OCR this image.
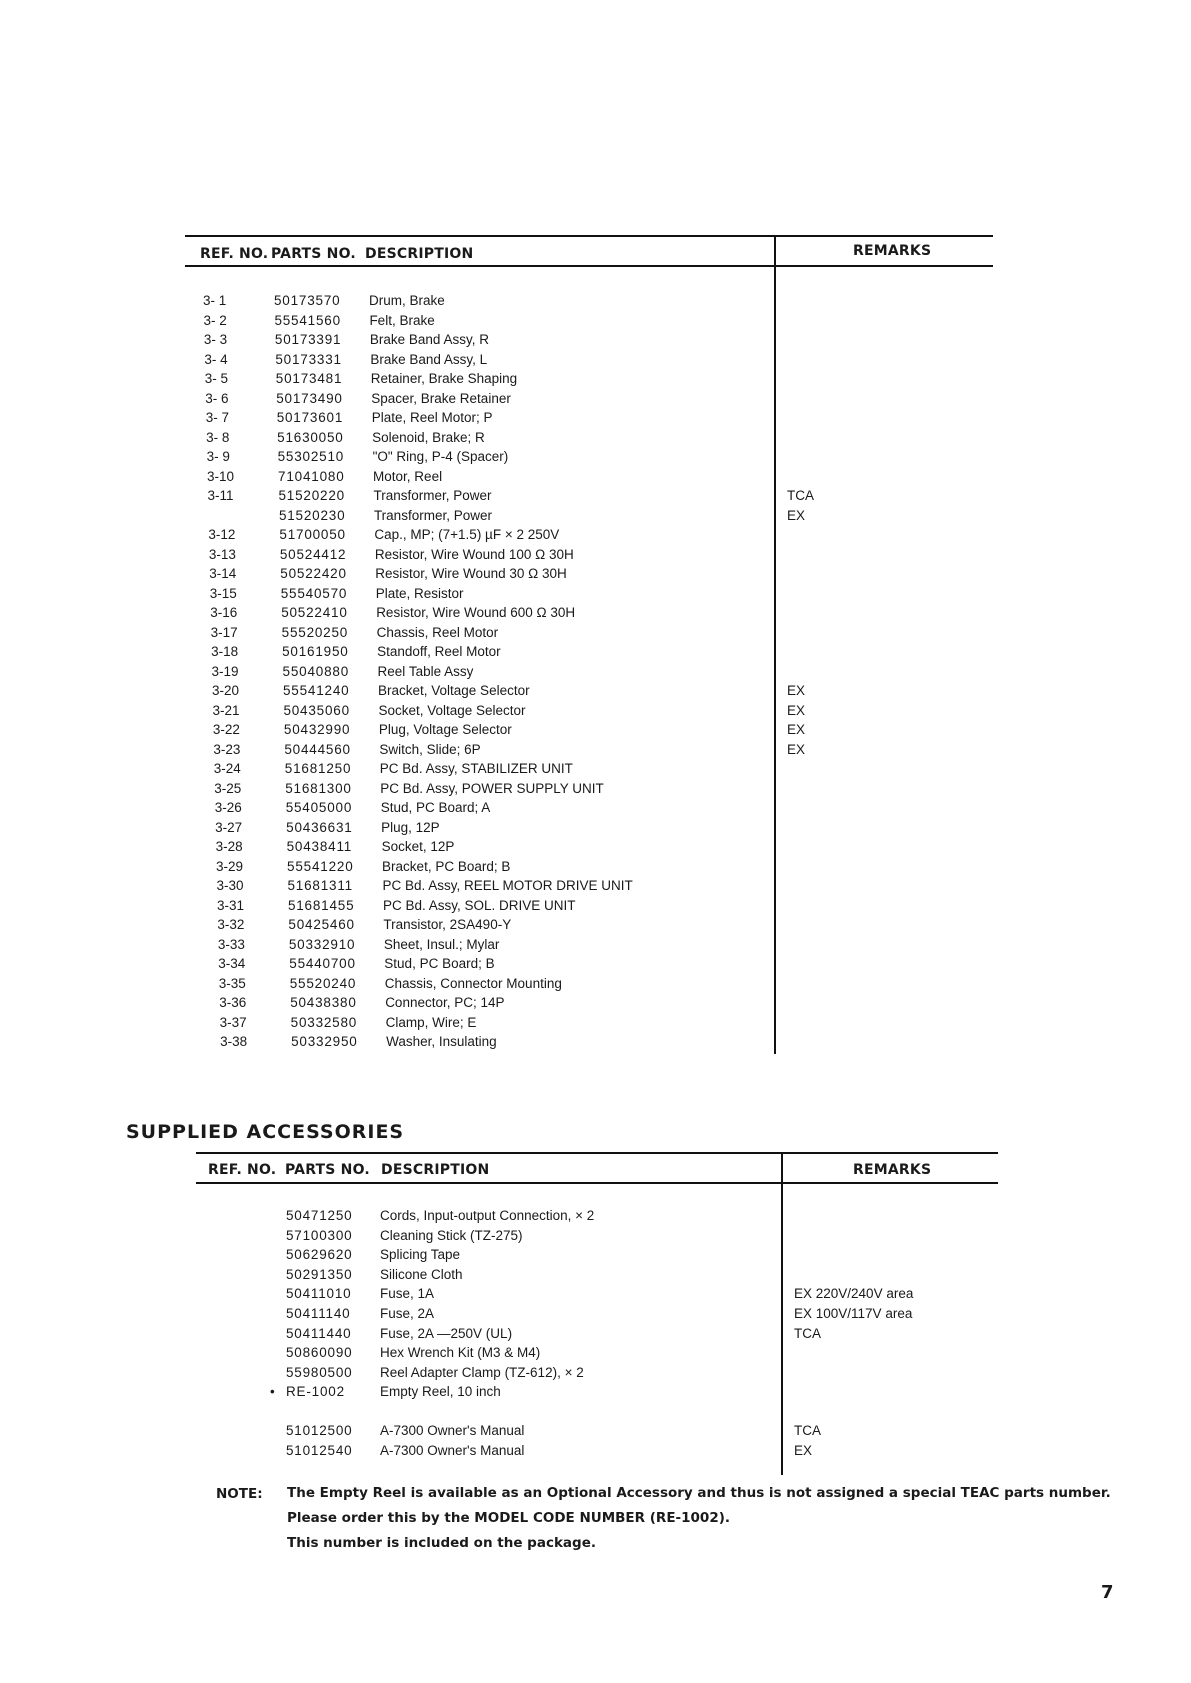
REF. NO. PARTS NO. DESCRIPTION	REMARKS
3- 1	50173570 Drum, Brake
3- 2	55541560 Felt, Brake
3- 3	50173391 Brake Band Assy, R
3- 4	50173331 Brake Band Assy, L
3- 5	50173481 Retainer, Brake Shaping
3- 6	50173490 Spacer, Brake Retainer
3- 7	50173601 Plate, Reel Motor; P
3- 8	51630050 Solenoid, Brake; R
3- 9	55302510 "O" Ring, P-4 (Spacer)
3-10	71041080 Motor, Reel
3-11	51520220 Transformer, Power	TCA
51520230 Transformer, Power	EX
3-12	51700050 Cap., MP; (7+1.5) µF × 2 250V
3-13	50524412 Resistor, Wire Wound 100 Ω 30H
3-14	50522420 Resistor, Wire Wound 30 Ω 30H
3-15	55540570 Plate, Resistor
3-16	50522410 Resistor, Wire Wound 600 Ω 30H
3-17	55520250 Chassis, Reel Motor
3-18	50161950 Standoff, Reel Motor
3-19	55040880 Reel Table Assy
3-20	55541240 Bracket, Voltage Selector	EX
3-21	50435060 Socket, Voltage Selector	EX
3-22	50432990 Plug, Voltage Selector	EX
3-23	50444560 Switch, Slide; 6P	EX
3-24	51681250 PC Bd. Assy, STABILIZER UNIT
3-25	51681300 PC Bd. Assy, POWER SUPPLY UNIT
3-26	55405000 Stud, PC Board; A
3-27	50436631 Plug, 12P
3-28	50438411 Socket, 12P
3-29	55541220 Bracket, PC Board; B
3-30	51681311 PC Bd. Assy, REEL MOTOR DRIVE UNIT
3-31	51681455 PC Bd. Assy, SOL. DRIVE UNIT
3-32	50425460 Transistor, 2SA490-Y
3-33	50332910 Sheet, Insul.; Mylar
3-34	55440700 Stud, PC Board; B
3-35	55520240 Chassis, Connector Mounting
3-36	50438380 Connector, PC; 14P
3-37	50332580 Clamp, Wire; E
3-38	50332950 Washer, Insulating
SUPPLIED ACCESSORIES
REF. NO. PARTS NO. DESCRIPTION	REMARKS
50471250 Cords, Input-output Connection, × 2
57100300 Cleaning Stick (TZ-275)
50629620 Splicing Tape
50291350 Silicone Cloth
50411010 Fuse, 1A	EX 220V/240V area
50411140 Fuse, 2A	EX 100V/117V area
50411440 Fuse, 2A —250V (UL)	TCA
50860090 Hex Wrench Kit (M3 & M4)
55980500 Reel Adapter Clamp (TZ-612), × 2
• RE-1002	Empty Reel, 10 inch
51012500 A-7300 Owner's Manual	TCA
51012540 A-7300 Owner's Manual	EX
NOTE: The Empty Reel is available as an Optional Accessory and thus is not assigned a special TEAC parts number.
Please order this by the MODEL CODE NUMBER (RE-1002).
This number is included on the package.
7
